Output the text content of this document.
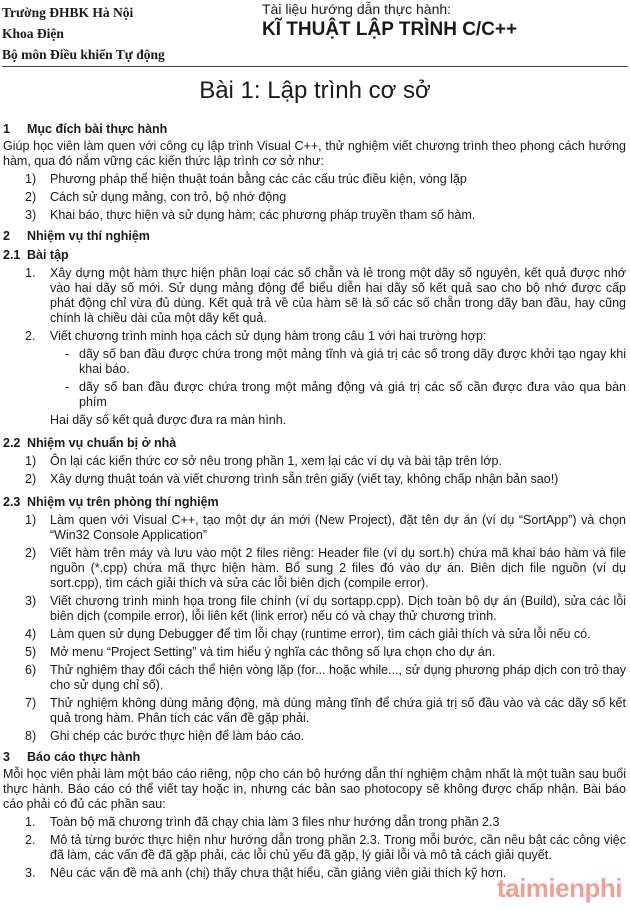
Trường ĐHBK Hà Nội
Khoa Điện
Bộ môn Điều khiển Tự động
Tài liệu hướng dẫn thực hành:
KĨ THUẬT LẬP TRÌNH C/C++
Bài 1: Lập trình cơ sở
1 Mục đích bài thực hành

Giúp học viên làm quen với công cụ lập trình Visual C++, thử nghiệm viết chương trình theo phong cách hướng hàm, qua đó nắm vững các kiến thức lập trình cơ sở như:

1) Phương pháp thể hiện thuật toán bằng các các cấu trúc điều kiện, vòng lặp
2) Cách sử dụng mảng, con trỏ, bộ nhớ động
3) Khai báo, thực hiện và sử dụng hàm; các phương pháp truyền tham số hàm.
2 Nhiệm vụ thí nghiệm
2.1 Bài tập
1. Xây dựng một hàm thực hiện phân loại các số chẵn và lẻ trong một dãy số nguyên, kết quả được nhớ vào hai dãy số mới. Sử dụng mảng động để biểu diễn hai dãy số kết quả sao cho bộ nhớ được cấp phát động chỉ vừa đủ dùng. Kết quả trả về của hàm sẽ là số các số chẵn trong dãy ban đầu, hay cũng chính là chiều dài của một dãy kết quả.
2. Viết chương trình minh họa cách sử dụng hàm trong câu 1 với hai trường hợp:
- dãy số ban đầu được chứa trong một mảng tĩnh và giá trị các số trong dãy được khởi tạo ngay khi khai báo.
- dãy số ban đầu được chứa trong một mảng động và giá trị các số cần được đưa vào qua bàn phím
Hai dãy số kết quả được đưa ra màn hình.
2.2 Nhiệm vụ chuẩn bị ở nhà
1) Ôn lại các kiến thức cơ sở nêu trong phần 1, xem lại các ví dụ và bài tập trên lớp.
2) Xây dựng thuật toán và viết chương trình sẵn trên giấy (viết tay, không chấp nhận bản sao!)
2.3 Nhiệm vụ trên phòng thí nghiệm
1) Làm quen với Visual C++, tạo một dự án mới (New Project), đặt tên dự án (ví dụ “SortApp”) và chọn “Win32 Console Application”
2) Viết hàm trên máy và lưu vào một 2 files riêng: Header file (ví dụ sort.h) chứa mã khai báo hàm và file nguồn (*.cpp) chứa mã thực hiện hàm. Bổ sung 2 files đó vào dự án. Biên dịch file nguồn (ví dụ sort.cpp), tìm cách giải thích và sửa các lỗi biên dịch (compile error).
3) Viết chương trình minh họa trong file chính (ví dụ sortapp.cpp). Dịch toàn bộ dự án (Build), sửa các lỗi biên dịch (compile error), lỗi liên kết (link error) nếu có và chạy thử chương trình.
4) Làm quen sử dụng Debugger để tìm lỗi chạy (runtime error), tìm cách giải thích và sửa lỗi nếu có.
5) Mở menu “Project Setting” và tìm hiểu ý nghĩa các thông số lựa chọn cho dự án.
6) Thử nghiệm thay đổi cách thể hiện vòng lặp (for... hoặc while..., sử dụng phương pháp dịch con trỏ thay cho sử dụng chỉ số).
7) Thử nghiệm không dùng mảng động, mà dùng mảng tĩnh để chứa giá trị số đầu vào và các dãy số kết quả trong hàm. Phân tích các vấn đề gặp phải.
8) Ghi chép các bước thực hiện để làm báo cáo.
3 Báo cáo thực hành

Mỗi học viên phải làm một báo cáo riêng, nộp cho cán bộ hướng dẫn thí nghiệm chậm nhất là một tuần sau buổi thực hành. Báo cáo có thể viết tay hoặc in, nhưng các bản sao photocopy sẽ không được chấp nhận. Bài báo cáo phải có đủ các phần sau:

1. Toàn bộ mã chương trình đã chạy chia làm 3 files như hướng dẫn trong phần 2.3
2. Mô tả từng bước thực hiện như hướng dẫn trong phần 2.3. Trong mỗi bước, cần nêu bật các công việc đã làm, các vấn đề đã gặp phải, các lỗi chủ yếu đã gặp, lý giải lỗi và mô tả cách giải quyết.
3. Nêu các vấn đề mà anh (chị) thấy chưa thật hiểu, cần giảng viên giải thích kỹ hơn.
taimienphi
